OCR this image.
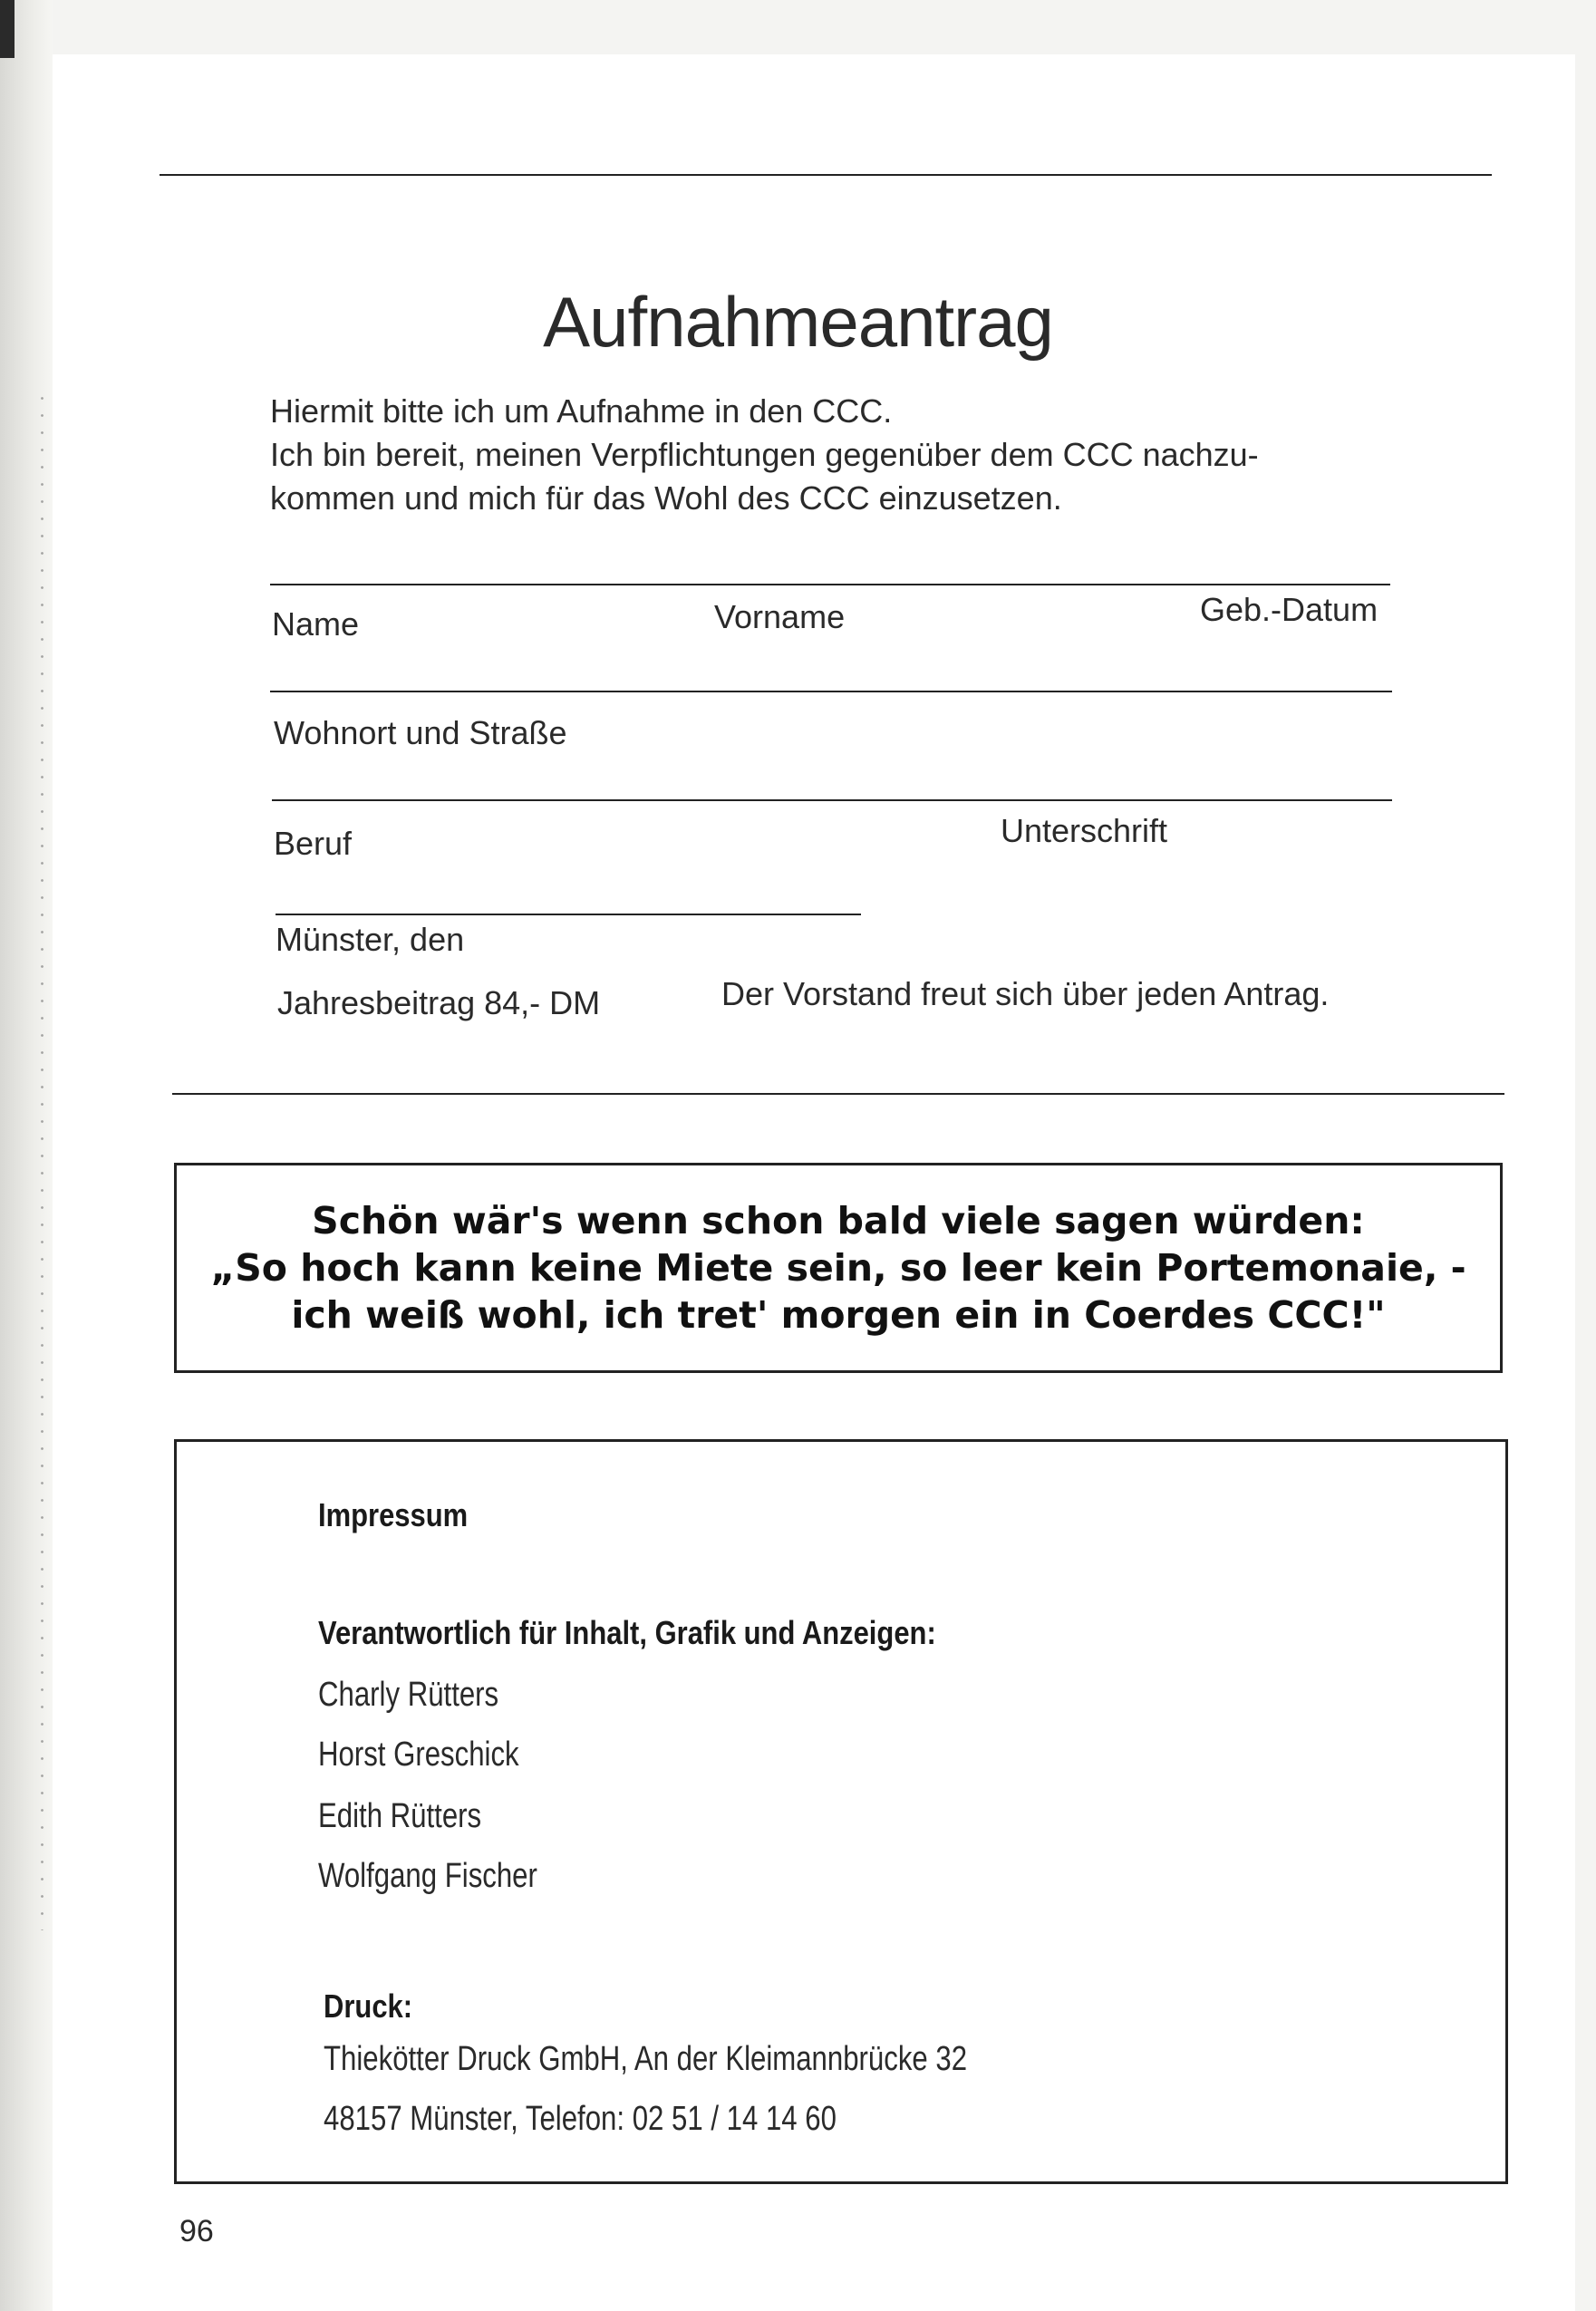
Aufnahmeantrag
Hiermit bitte ich um Aufnahme in den CCC.
Ich bin bereit, meinen Verpflichtungen gegenüber dem CCC nachzu-
kommen und mich für das Wohl des CCC einzusetzen.
Name	Vorname	Geb.-Datum
Wohnort und Straße
Beruf	Unterschrift
Münster, den
Jahresbeitrag 84,- DM	Der Vorstand freut sich über jeden Antrag.
Schön wär's wenn schon bald viele sagen würden:
„So hoch kann keine Miete sein, so leer kein Portemonaie, -
ich weiß wohl, ich tret' morgen ein in Coerdes CCC!"
Impressum
Verantwortlich für Inhalt, Grafik und Anzeigen:
Charly Rütters
Horst Greschick
Edith Rütters
Wolfgang Fischer
Druck:
Thiekötter Druck GmbH, An der Kleimannbrücke 32
48157 Münster, Telefon: 02 51 / 14 14 60
96
